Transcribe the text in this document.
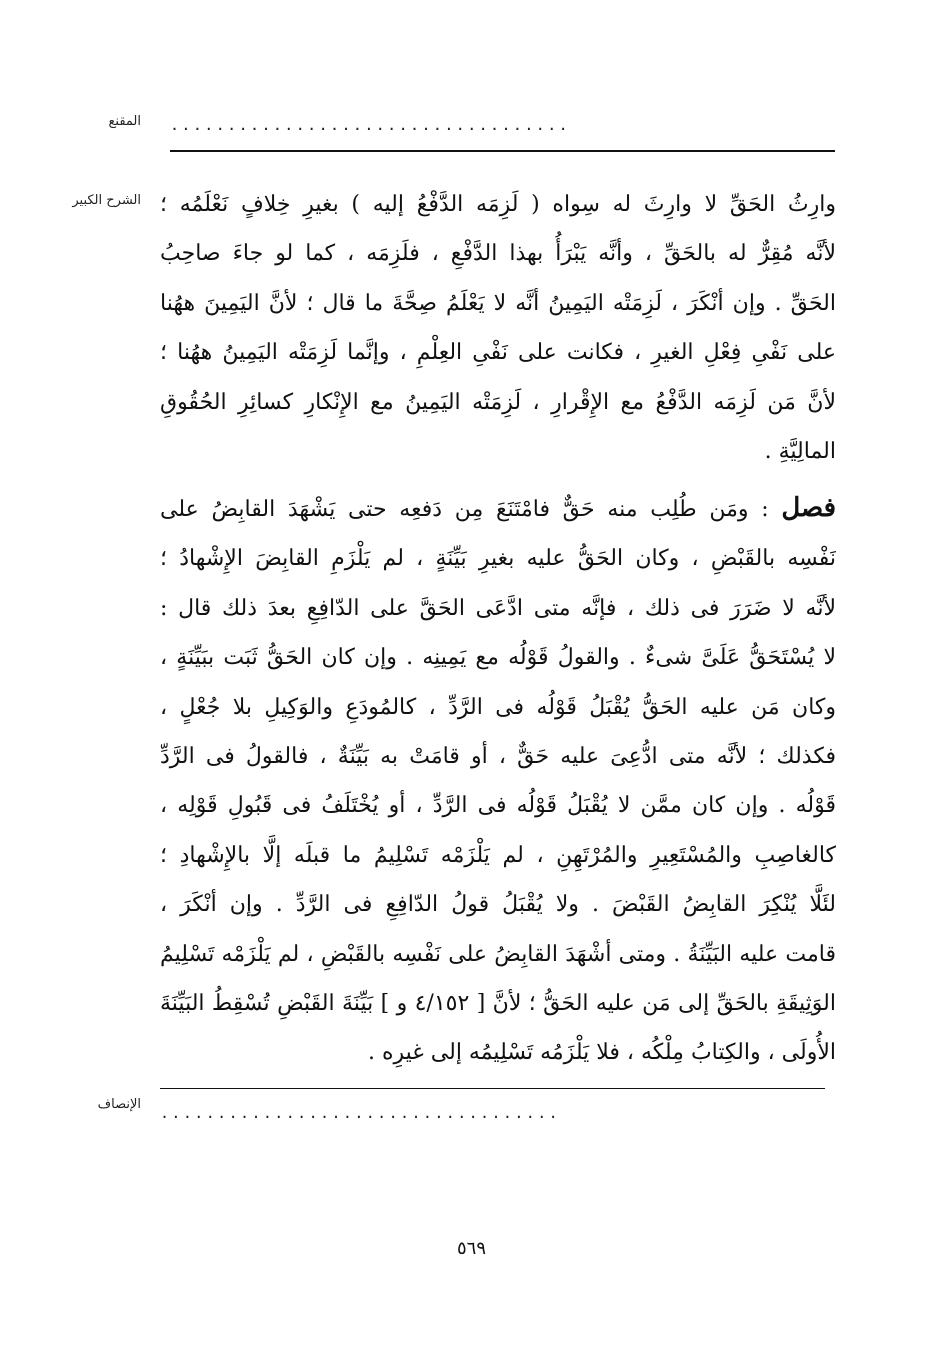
المقنع ...................................
الشرح الكبير وارِثُ الحَقِّ لا وارِثَ له سِواه ( لَزِمَه الدَّفْعُ إليه ) بغيرِ خِلافٍ نَعْلَمُه ؛
لأنَّه مُقِرٌّ له بالحَقِّ ، وأنَّه يَبْرَأُ بهذا الدَّفْعِ ، فلَزِمَه ، كما لو جاءَ صاحِبُ
الحَقِّ . وإن أنْكَرَ ، لَزِمَتْه اليَمِينُ أنَّه لا يَعْلَمُ صِحَّةَ ما قال ؛ لأنَّ اليَمِينَ ههُنا
على نَفْىِ فِعْلِ الغيرِ ، فكانت على نَفْىِ العِلْمِ ، وإنَّما لَزِمَتْه اليَمِينُ ههُنا ؛
لأنَّ مَن لَزِمَه الدَّفْعُ مع الإِقْرارِ ، لَزِمَتْه اليَمِينُ مع الإِنْكارِ كسائِرِ الحُقُوقِ
المالِيَّةِ .
فصل : ومَن طُلِب منه حَقٌّ فامْتَنَعَ مِن دَفعِه حتى يَشْهَدَ القابِضُ على
نَفْسِه بالقَبْضِ ، وكان الحَقُّ عليه بغيرِ بَيِّنَةٍ ، لم يَلْزَمِ القابِضَ الإِشْهادُ ؛
لأنَّه لا ضَرَرَ فى ذلك ، فإنَّه متى ادَّعَى الحَقَّ على الدّافِعِ بعدَ ذلك قال :
لا يُسْتَحَقُّ عَلَىَّ شىءٌ . والقولُ قَوْلُه مع يَمِينِه . وإن كان الحَقُّ ثَبَت ببَيِّنَةٍ ،
وكان مَن عليه الحَقُّ يُقْبَلُ قَوْلُه فى الرَّدِّ ، كالمُودَعِ والوَكِيلِ بلا جُعْلٍ ،
فكذلك ؛ لأنَّه متى ادُّعِىَ عليه حَقٌّ ، أو قامَتْ به بَيِّنَةٌ ، فالقولُ فى الرَّدِّ
قَوْلُه . وإن كان ممَّن لا يُقْبَلُ قَوْلُه فى الرَّدِّ ، أو يُخْتَلَفُ فى قَبُولِ قَوْلِه ،
كالغاصِبِ والمُسْتَعِيرِ والمُرْتَهِنِ ، لم يَلْزَمْه تَسْلِيمُ ما قبلَه إلَّا بالإِشْهادِ ؛
لئَلَّا يُنْكِرَ القابِضُ القَبْضَ . ولا يُقْبَلُ قولُ الدّافِعِ فى الرَّدِّ . وإن أنْكَرَ ،
قامت عليه البَيِّنَةُ . ومتى أشْهَدَ القابِضُ على نَفْسِه بالقَبْضِ ، لم يَلْزَمْه تَسْلِيمُ
الوَثِيقَةِ بالحَقِّ إلى مَن عليه الحَقُّ ؛ لأنَّ [ ٤/١٥٢ و ] بَيِّنَةَ القَبْضِ تُسْقِطُ البَيِّنَةَ
الأُولَى ، والكِتابُ مِلْكُه ، فلا يَلْزَمُه تَسْلِيمُه إلى غيرِه .
الإنصاف ...................................
٥٦٩
